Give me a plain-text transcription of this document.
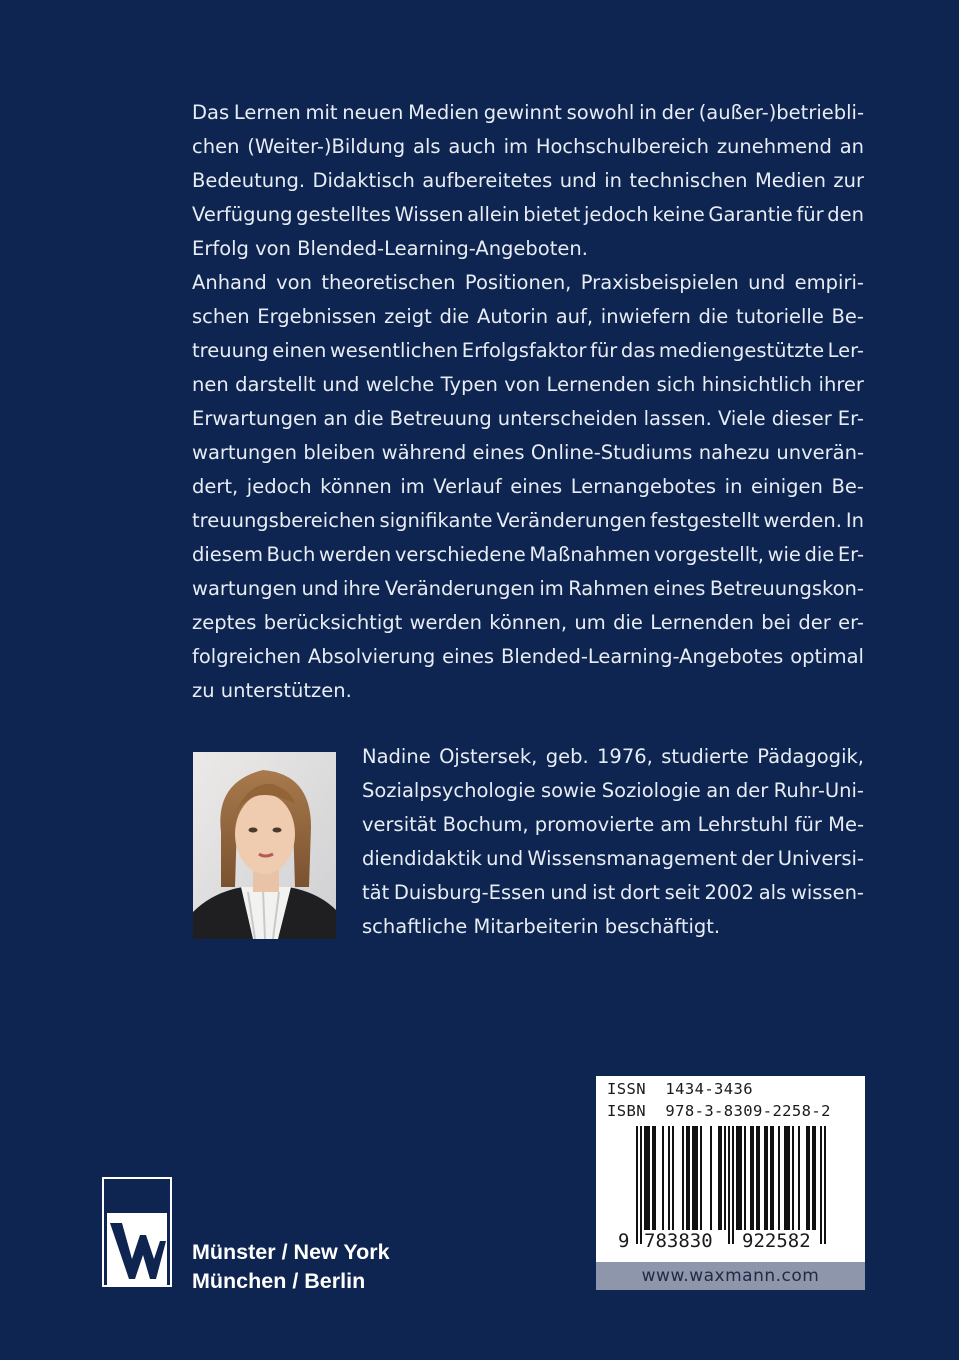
Das Lernen mit neuen Medien gewinnt sowohl in der (außer-)betriebli-
chen (Weiter-)Bildung als auch im Hochschulbereich zunehmend an
Bedeutung. Didaktisch aufbereitetes und in technischen Medien zur
Verfügung gestelltes Wissen allein bietet jedoch keine Garantie für den
Erfolg von Blended-Learning-Angeboten.
Anhand von theoretischen Positionen, Praxisbeispielen und empiri-
schen Ergebnissen zeigt die Autorin auf, inwiefern die tutorielle Be-
treuung einen wesentlichen Erfolgsfaktor für das mediengestützte Ler-
nen darstellt und welche Typen von Lernenden sich hinsichtlich ihrer
Erwartungen an die Betreuung unterscheiden lassen. Viele dieser Er-
wartungen bleiben während eines Online-Studiums nahezu unverän-
dert, jedoch können im Verlauf eines Lernangebotes in einigen Be-
treuungsbereichen signifikante Veränderungen festgestellt werden. In
diesem Buch werden verschiedene Maßnahmen vorgestellt, wie die Er-
wartungen und ihre Veränderungen im Rahmen eines Betreuungskon-
zeptes berücksichtigt werden können, um die Lernenden bei der er-
folgreichen Absolvierung eines Blended-Learning-Angebotes optimal
zu unterstützen.
Nadine Ojstersek, geb. 1976, studierte Pädagogik,
Sozialpsychologie sowie Soziologie an der Ruhr-Uni-
versität Bochum, promovierte am Lehrstuhl für Me-
diendidaktik und Wissensmanagement der Universi-
tät Duisburg-Essen und ist dort seit 2002 als wissen-
schaftliche Mitarbeiterin beschäftigt.
ISSN  1434-3436
ISBN  978-3-8309-2258-2
9 783830 922582
www.waxmann.com
Münster / New York
München / Berlin
